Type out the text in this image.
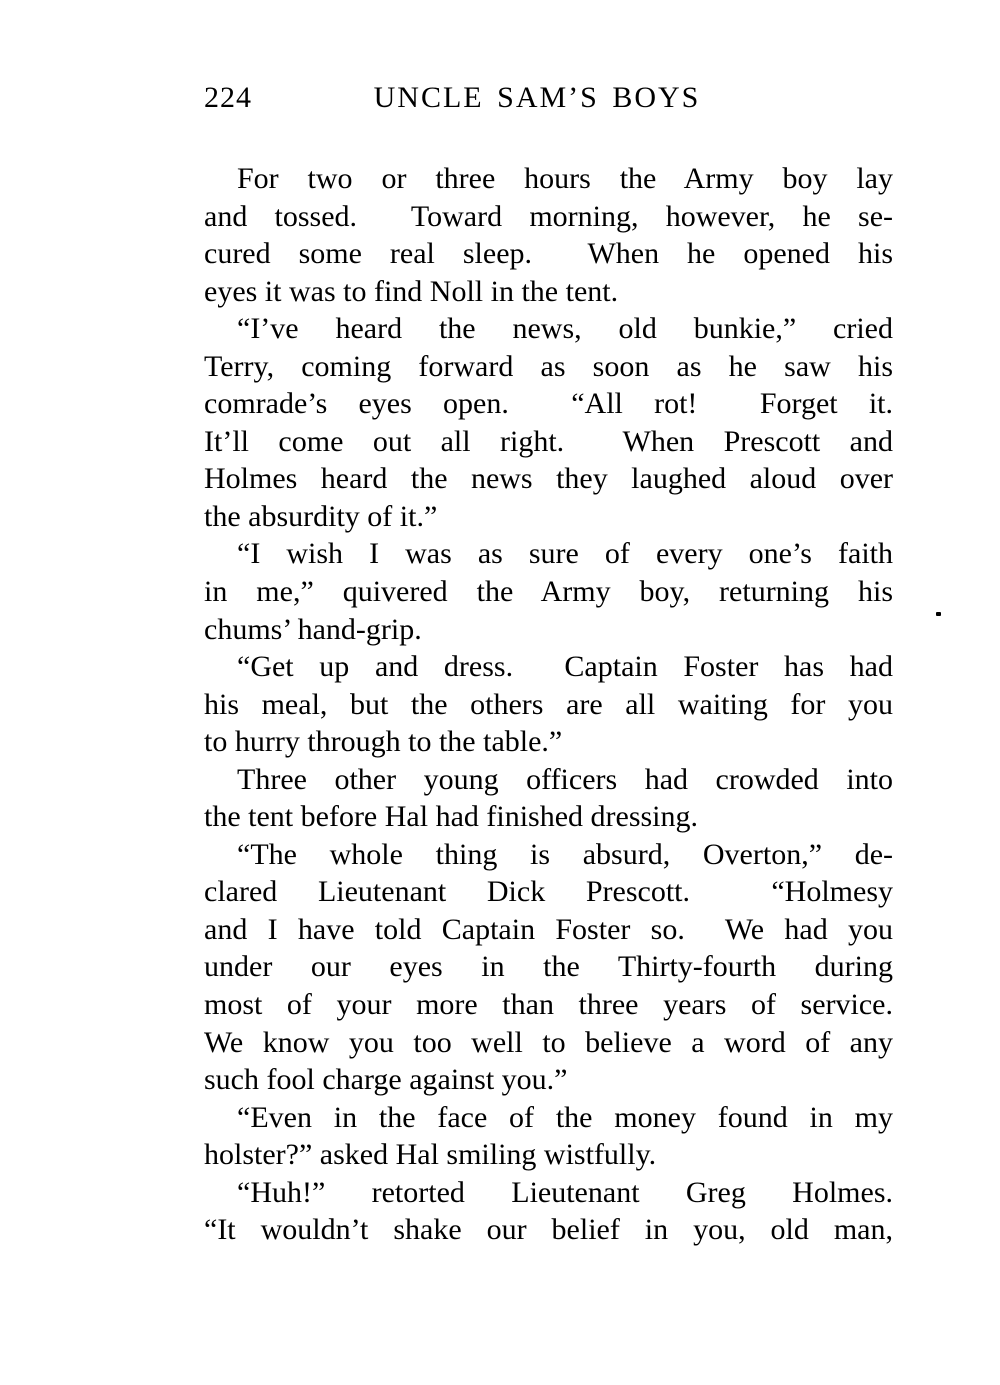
224	UNCLE SAM’S BOYS
For two or three hours the Army boy lay
and tossed.  Toward morning, however, he se-
cured some real sleep.  When he opened his
eyes it was to find Noll in the tent.
“I’ve heard the news, old bunkie,” cried
Terry, coming forward as soon as he saw his
comrade’s eyes open.  “All rot!  Forget it.
It’ll come out all right.  When Prescott and
Holmes heard the news they laughed aloud over
the absurdity of it.”
“I wish I was as sure of every one’s faith
in me,” quivered the Army boy, returning his
chums’ hand-grip.
“Get up and dress.  Captain Foster has had
his meal, but the others are all waiting for you
to hurry through to the table.”
Three other young officers had crowded into
the tent before Hal had finished dressing.
“The whole thing is absurd, Overton,” de-
clared Lieutenant Dick Prescott.  “Holmesy
and I have told Captain Foster so.  We had you
under our eyes in the Thirty-fourth during
most of your more than three years of service.
We know you too well to believe a word of any
such fool charge against you.”
“Even in the face of the money found in my
holster?” asked Hal smiling wistfully.
“Huh!” retorted Lieutenant Greg Holmes.
“It wouldn’t shake our belief in you, old man,
